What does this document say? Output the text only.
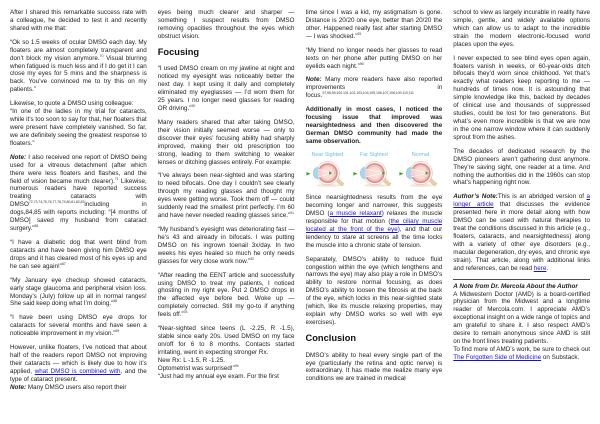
After I shared this remarkable success rate with a colleague, he decided to test it and recently shared with me that:

“Ok so 1.5 weeks of ocular DMSO each day. My floaters are almost completely transparent and don’t block my vision anymore.$^{70}$ Visual blurring when fatigued is much less and if I do get it I can close my eyes for 5 mins and the sharpness is back. You’ve convinced me to try this on my patients.”

Likewise, to quote a DMSO using colleague:
“In one of the ladies in my trial for cataracts, while it’s too soon to say for that, her floaters that were present have completely vanished. So far, we are definitely seeing the greatest response to floaters.”

Note: I also received one report of DMSO being used for a vitreous detachment (after which there were less floaters and flashes, and the field of vision became much clearer).$^{71}$ Likewise, numerous readers have reported success treating cataracts with DMSO$^{72,73,74,75,76,77,78,79,80,81,82,83}$including in dogs,84,85 with reports including: “[4 months of DMSO] saved my husband from cataract surgery.”$^{86}$

“I have a diabetic dog that went blind from cataracts and have been giving him DMSO eye drops and it has cleared most of his eyes up and he can see again!”$^{87}$

“My January eye checkup showed cataracts, early stage glaucoma and peripheral vision loss. Monday’s (July) follow up all in normal ranges! She said keep doing what I’m doing.”$^{88}$

“I have been using DMSO eye drops for cataracts for several months and have seen a noticeable improvement in my vision.”$^{89}$

However, unlike floaters, I’ve noticed that about half of the readers report DMSO not improving their cataracts — which is likely due to how it’s applied, what DMSO is combined with, and the type of cataract present.
Note: Many DMSO users also report their

eyes being much clearer and sharper — something I suspect results from DMSO removing opacities throughout the eyes which obstruct vision.

Focusing

“I used DMSO cream on my jawline at night and noticed my eyesight was noticeably better the next day. I kept using it daily and completely eliminated my eyeglasses — I’d worn them for 25 years. I no longer need glasses for reading OR driving.”$^{90}$

Many readers shared that after taking DMSO, their vision initially seemed worse — only to discover their eyes’ focusing ability had sharply improved, making their old prescription too strong, leading to them switching to weaker lenses or ditching glasses entirely. For example:

“I’ve always been near-sighted and was starting to need bifocals. One day I couldn’t see clearly through my reading glasses and thought my eyes were getting worse. Took them off — could suddenly read the smallest print perfectly. I’m 60 and have never needed reading glasses since.”$^{91}$

“My husband’s eyesight was deteriorating fast — he’s 43 and already in bifocals. I was putting DMSO on his ingrown toenail 3x/day. In two weeks his eyes healed so much he only needs glasses for very close work now.”$^{92}$

“After reading the EENT article and successfully using DMSO to treat my patients, I noticed ghosting in my right eye. Put 2 DMSO drops in the affected eye before bed. Woke up — completely corrected. Still my go-to if anything feels off.”$^{93}$

“Near-sighted since teens (L -2.25, R -1.5), stable since early 20s. Used DMSO on my face on/off for 6 to 8 months. Contacts started irritating, went in expecting stronger Rx.
New Rx: L -1.5, R -1.25.
Optometrist was surprised!”$^{94}$
“Just had my annual eye exam. For the first

time since I was a kid, my astigmatism is gone. Distance is 20/20 one eye, better than 20/20 the other. Happened really fast after starting DMSO — I was shocked.”$^{95}$

“My friend no longer needs her glasses to read texts on her phone after putting DMSO on her eyelids each night.”$^{96}$

Note: Many more readers have also reported improvements in focus.$^{97,98,99,100,101,102,103,104,105,106,107,108,109,110,111}$

Additionally in most cases, I noticed the focusing issue that improved was nearsightedness and then discovered the German DMSO community had made the same observation.

Near Sighted	Far Sighted	Normal

Since nearsightedness results from the eye becoming longer and narrower, this suggests DMSO (a muscle relaxant) relaxes the muscle responsible for that motion (the ciliary muscle located at the front of the eye), and that our tendency to stare at screens all the time locks the muscle into a chronic state of tension.

Separately, DMSO’s ability to reduce fluid congestion within the eye (which lengthens and narrows the eye) may also play a role in DMSO’s ability to restore normal focusing, as does DMSO’s ability to loosen the fibrosis at the back of the eye, which locks in this near-sighted state (which, like its muscle relaxing properties, may explain why DMSO works so well with eye exercises).

Conclusion

DMSO’s ability to heal every single part of the eye (particularly the retina and optic nerve) is extraordinary. It has made me realize many eye conditions we are trained in medical

school to view as largely incurable in reality have simple, gentle, and widely available options which can allow us to adapt to the incredible strain the modern electronic-focused world places upon the eyes.

I never expected to see blind eyes open again, floaters vanish in weeks, or 60-year-olds ditch bifocals they’d worn since childhood. Yet that’s exactly what readers keep reporting to me — hundreds of times now. It is astounding that simple knowledge like this, backed by decades of clinical use and thousands of suppressed studies, could be lost for two generations. But what’s even more incredible is that we are now in the one narrow window where it can suddenly sprout from the ashes.

The decades of dedicated research by the DMSO pioneers aren’t gathering dust anymore. They’re saving sight, one reader at a time. And nothing the authorities did in the 1960s can stop what’s happening right now.

Author’s Note:This is an abridged version of a longer article that discusses the evidence presented here in more detail along with how DMSO can be used with natural therapies to treat the conditions discussed in this article (e.g., floaters, cataracts, and nearsightedness) along with a variety of other eye disorders (e.g., macular degeneration, dry eyes, and chronic eye strain). That article, along with additional links and references, can be read here.

A Note from Dr. Mercola About the Author
A Midwestern Doctor (AMD) is a board-certified physician from the Midwest and a longtime reader of Mercola.com. I appreciate AMD’s exceptional insight on a wide range of topics and am grateful to share it. I also respect AMD’s desire to remain anonymous since AMD is still on the front lines treating patients.
To find more of AMD’s work, be sure to check out The Forgotten Side of Medicine on Substack.
